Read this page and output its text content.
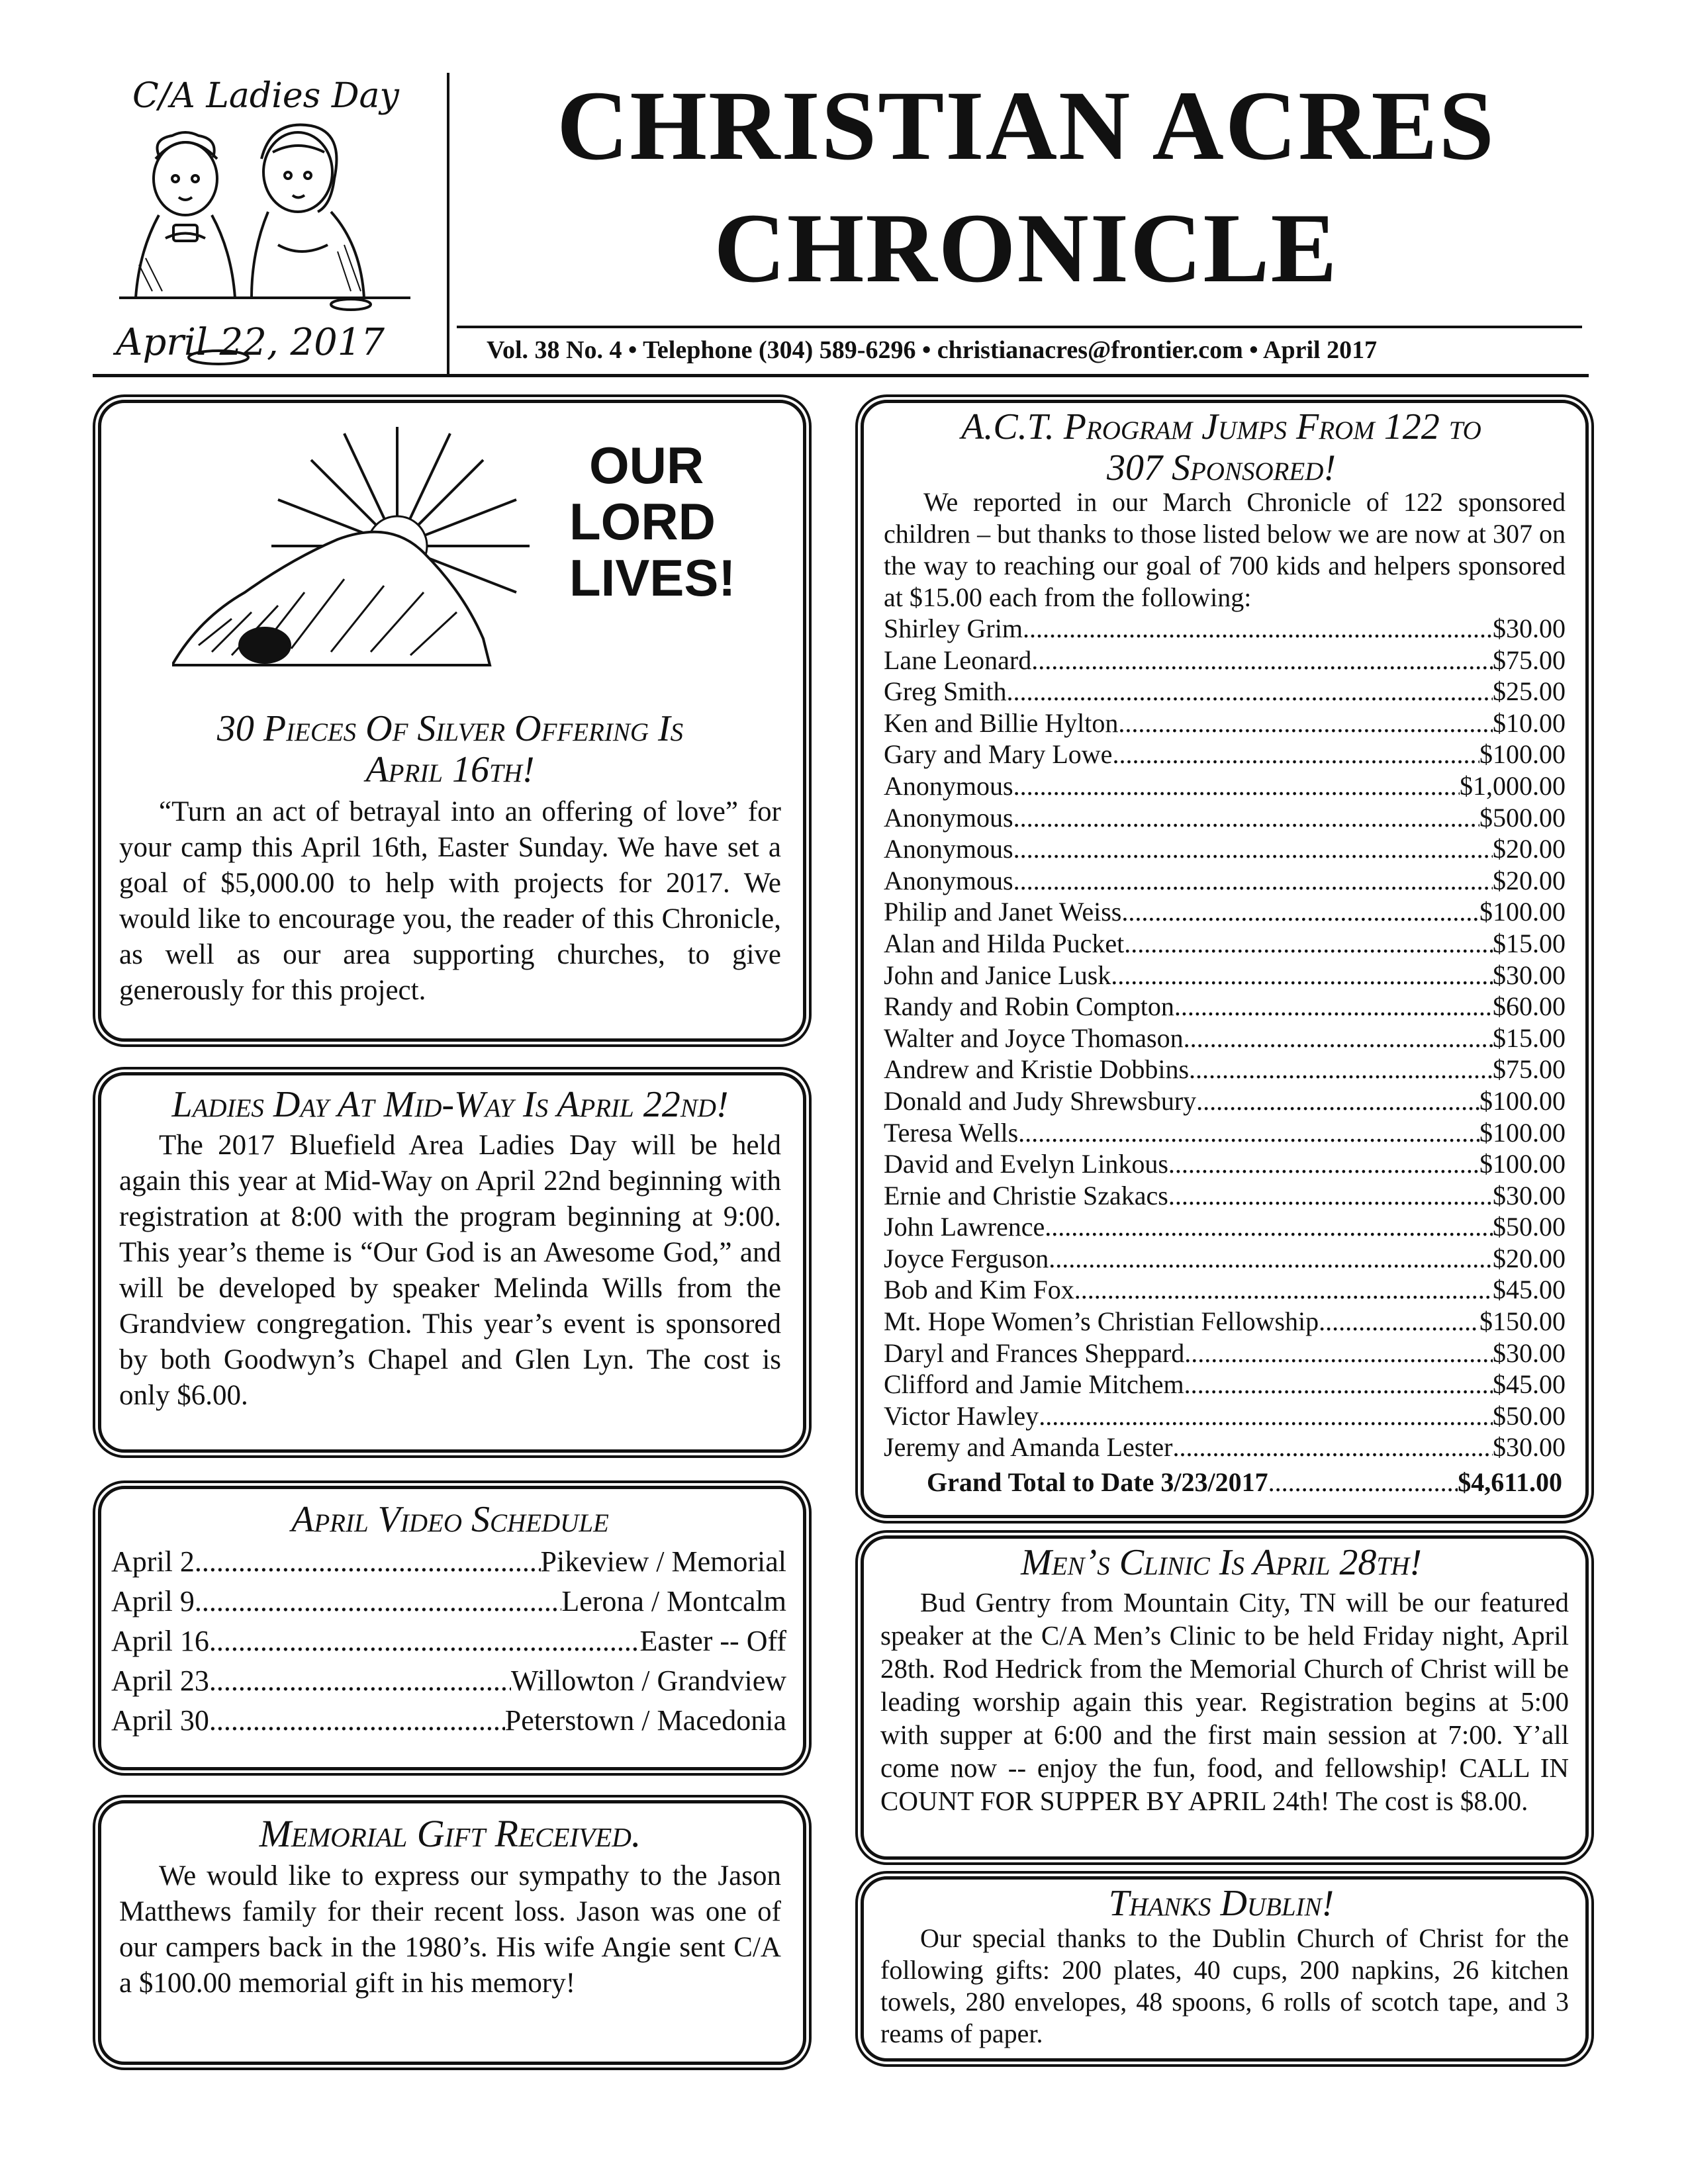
C/A Ladies Day
April 22, 2017
CHRISTIAN ACRES
CHRONICLE
Vol. 38 No. 4 • Telephone (304) 589-6296 • christianacres@frontier.com • April 2017
OUR
LORD
LIVES!
30 Pieces Of Silver Offering Is
April 16th!
“Turn an act of betrayal into an offering of love” for your camp this April 16th, Easter Sunday. We have set a goal of $5,000.00 to help with projects for 2017. We would like to encourage you, the reader of this Chronicle, as well as our area supporting churches, to give generously for this project.
Ladies Day At Mid-Way Is April 22nd!
The 2017 Bluefield Area Ladies Day will be held again this year at Mid-Way on April 22nd beginning with registration at 8:00 with the program beginning at 9:00. This year’s theme is “Our God is an Awesome God,” and will be developed by speaker Melinda Wills from the Grandview congregation. This year’s event is sponsored by both Goodwyn’s Chapel and Glen Lyn. The cost is only $6.00.
April Video Schedule
April 2 .....	Pikeview / Memorial
April 9 .....	Lerona / Montcalm
April 16 .....	Easter -- Off
April 23 .....	Willowton / Grandview
April 30 .....	Peterstown / Macedonia
Memorial Gift Received.
We would like to express our sympathy to the Jason Matthews family for their recent loss. Jason was one of our campers back in the 1980’s. His wife Angie sent C/A a $100.00 memorial gift in his memory!
A.C.T. Program Jumps From 122 to
307 Sponsored!
We reported in our March Chronicle of 122 sponsored children – but thanks to those listed below we are now at 307 on the way to reaching our goal of 700 kids and helpers sponsored at $15.00 each from the following:
Shirley Grim .....	$30.00
Lane Leonard .....	$75.00
Greg Smith .....	$25.00
Ken and Billie Hylton .....	$10.00
Gary and Mary Lowe .....	$100.00
Anonymous .....	$1,000.00
Anonymous .....	$500.00
Anonymous .....	$20.00
Anonymous .....	$20.00
Philip and Janet Weiss .....	$100.00
Alan and Hilda Pucket .....	$15.00
John and Janice Lusk .....	$30.00
Randy and Robin Compton .....	$60.00
Walter and Joyce Thomason .....	$15.00
Andrew and Kristie Dobbins .....	$75.00
Donald and Judy Shrewsbury .....	$100.00
Teresa Wells .....	$100.00
David and Evelyn Linkous .....	$100.00
Ernie and Christie Szakacs .....	$30.00
John Lawrence .....	$50.00
Joyce Ferguson .....	$20.00
Bob and Kim Fox .....	$45.00
Mt. Hope Women’s Christian Fellowship .....	$150.00
Daryl and Frances Sheppard .....	$30.00
Clifford and Jamie Mitchem .....	$45.00
Victor Hawley .....	$50.00
Jeremy and Amanda Lester .....	$30.00
Grand Total to Date 3/23/2017 .....	$4,611.00
Men’s Clinic Is April 28th!
Bud Gentry from Mountain City, TN will be our featured speaker at the C/A Men’s Clinic to be held Friday night, April 28th. Rod Hedrick from the Memorial Church of Christ will be leading worship again this year. Registration begins at 5:00 with supper at 6:00 and the first main session at 7:00. Y’all come now -- enjoy the fun, food, and fellowship! CALL IN COUNT FOR SUPPER BY APRIL 24th! The cost is $8.00.
Thanks Dublin!
Our special thanks to the Dublin Church of Christ for the following gifts: 200 plates, 40 cups, 200 napkins, 26 kitchen towels, 280 envelopes, 48 spoons, 6 rolls of scotch tape, and 3 reams of paper.
